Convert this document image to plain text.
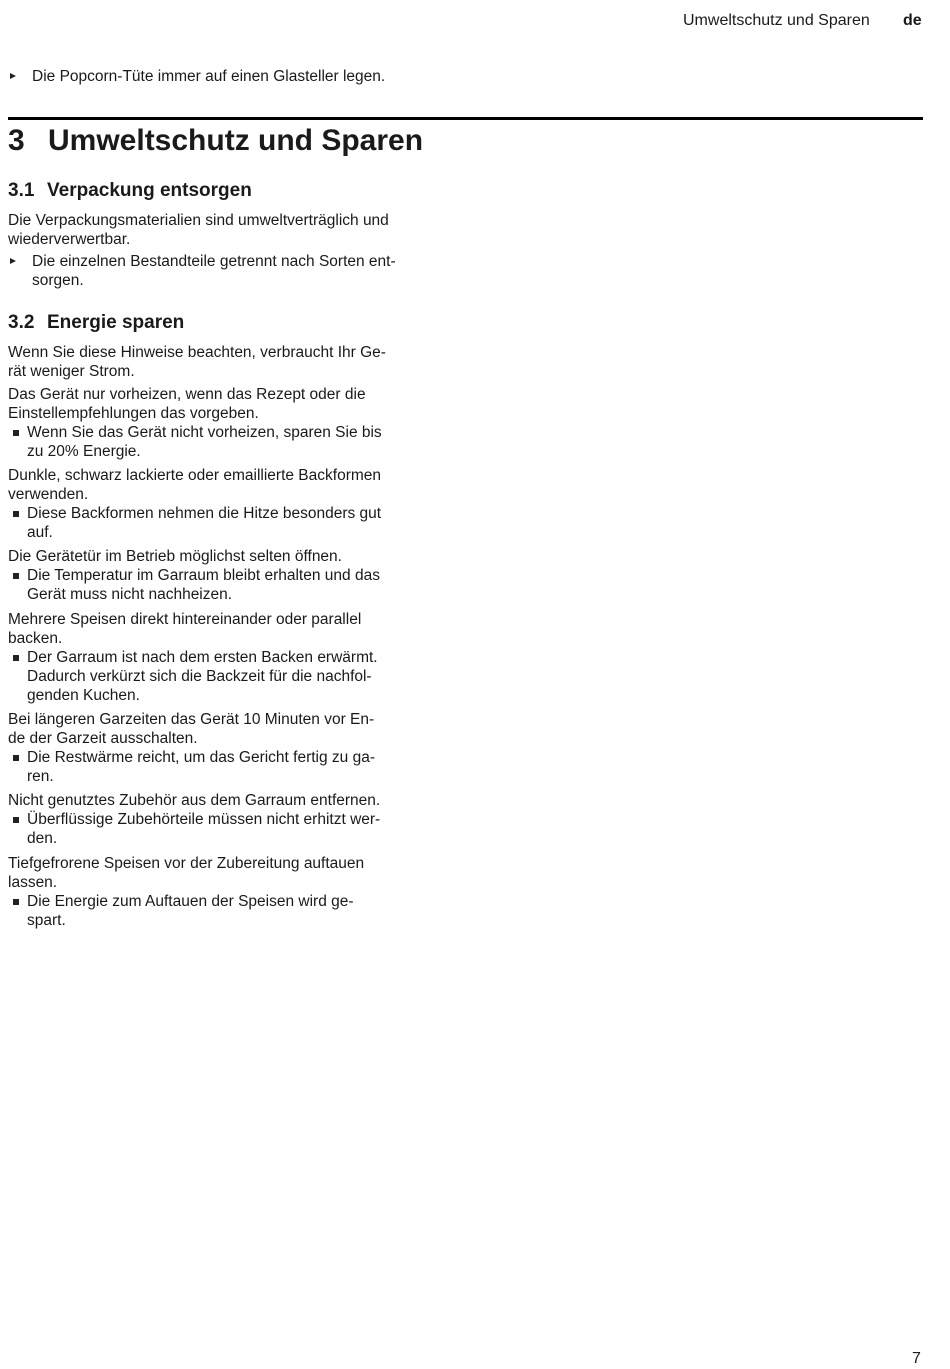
Umweltschutz und Sparen de
Die Popcorn-Tüte immer auf einen Glasteller legen.
3 Umweltschutz und Sparen
3.1 Verpackung entsorgen
Die Verpackungsmaterialien sind umweltverträglich und
wiederverwertbar.
Die einzelnen Bestandteile getrennt nach Sorten ent-
sorgen.
3.2 Energie sparen
Wenn Sie diese Hinweise beachten, verbraucht Ihr Ge-
rät weniger Strom.
Das Gerät nur vorheizen, wenn das Rezept oder die
Einstellempfehlungen das vorgeben.
Wenn Sie das Gerät nicht vorheizen, sparen Sie bis
zu 20% Energie.
Dunkle, schwarz lackierte oder emaillierte Backformen
verwenden.
Diese Backformen nehmen die Hitze besonders gut
auf.
Die Gerätetür im Betrieb möglichst selten öffnen.
Die Temperatur im Garraum bleibt erhalten und das
Gerät muss nicht nachheizen.
Mehrere Speisen direkt hintereinander oder parallel
backen.
Der Garraum ist nach dem ersten Backen erwärmt.
Dadurch verkürzt sich die Backzeit für die nachfol-
genden Kuchen.
Bei längeren Garzeiten das Gerät 10 Minuten vor En-
de der Garzeit ausschalten.
Die Restwärme reicht, um das Gericht fertig zu ga-
ren.
Nicht genutztes Zubehör aus dem Garraum entfernen.
Überflüssige Zubehörteile müssen nicht erhitzt wer-
den.
Tiefgefrorene Speisen vor der Zubereitung auftauen
lassen.
Die Energie zum Auftauen der Speisen wird ge-
spart.
7
